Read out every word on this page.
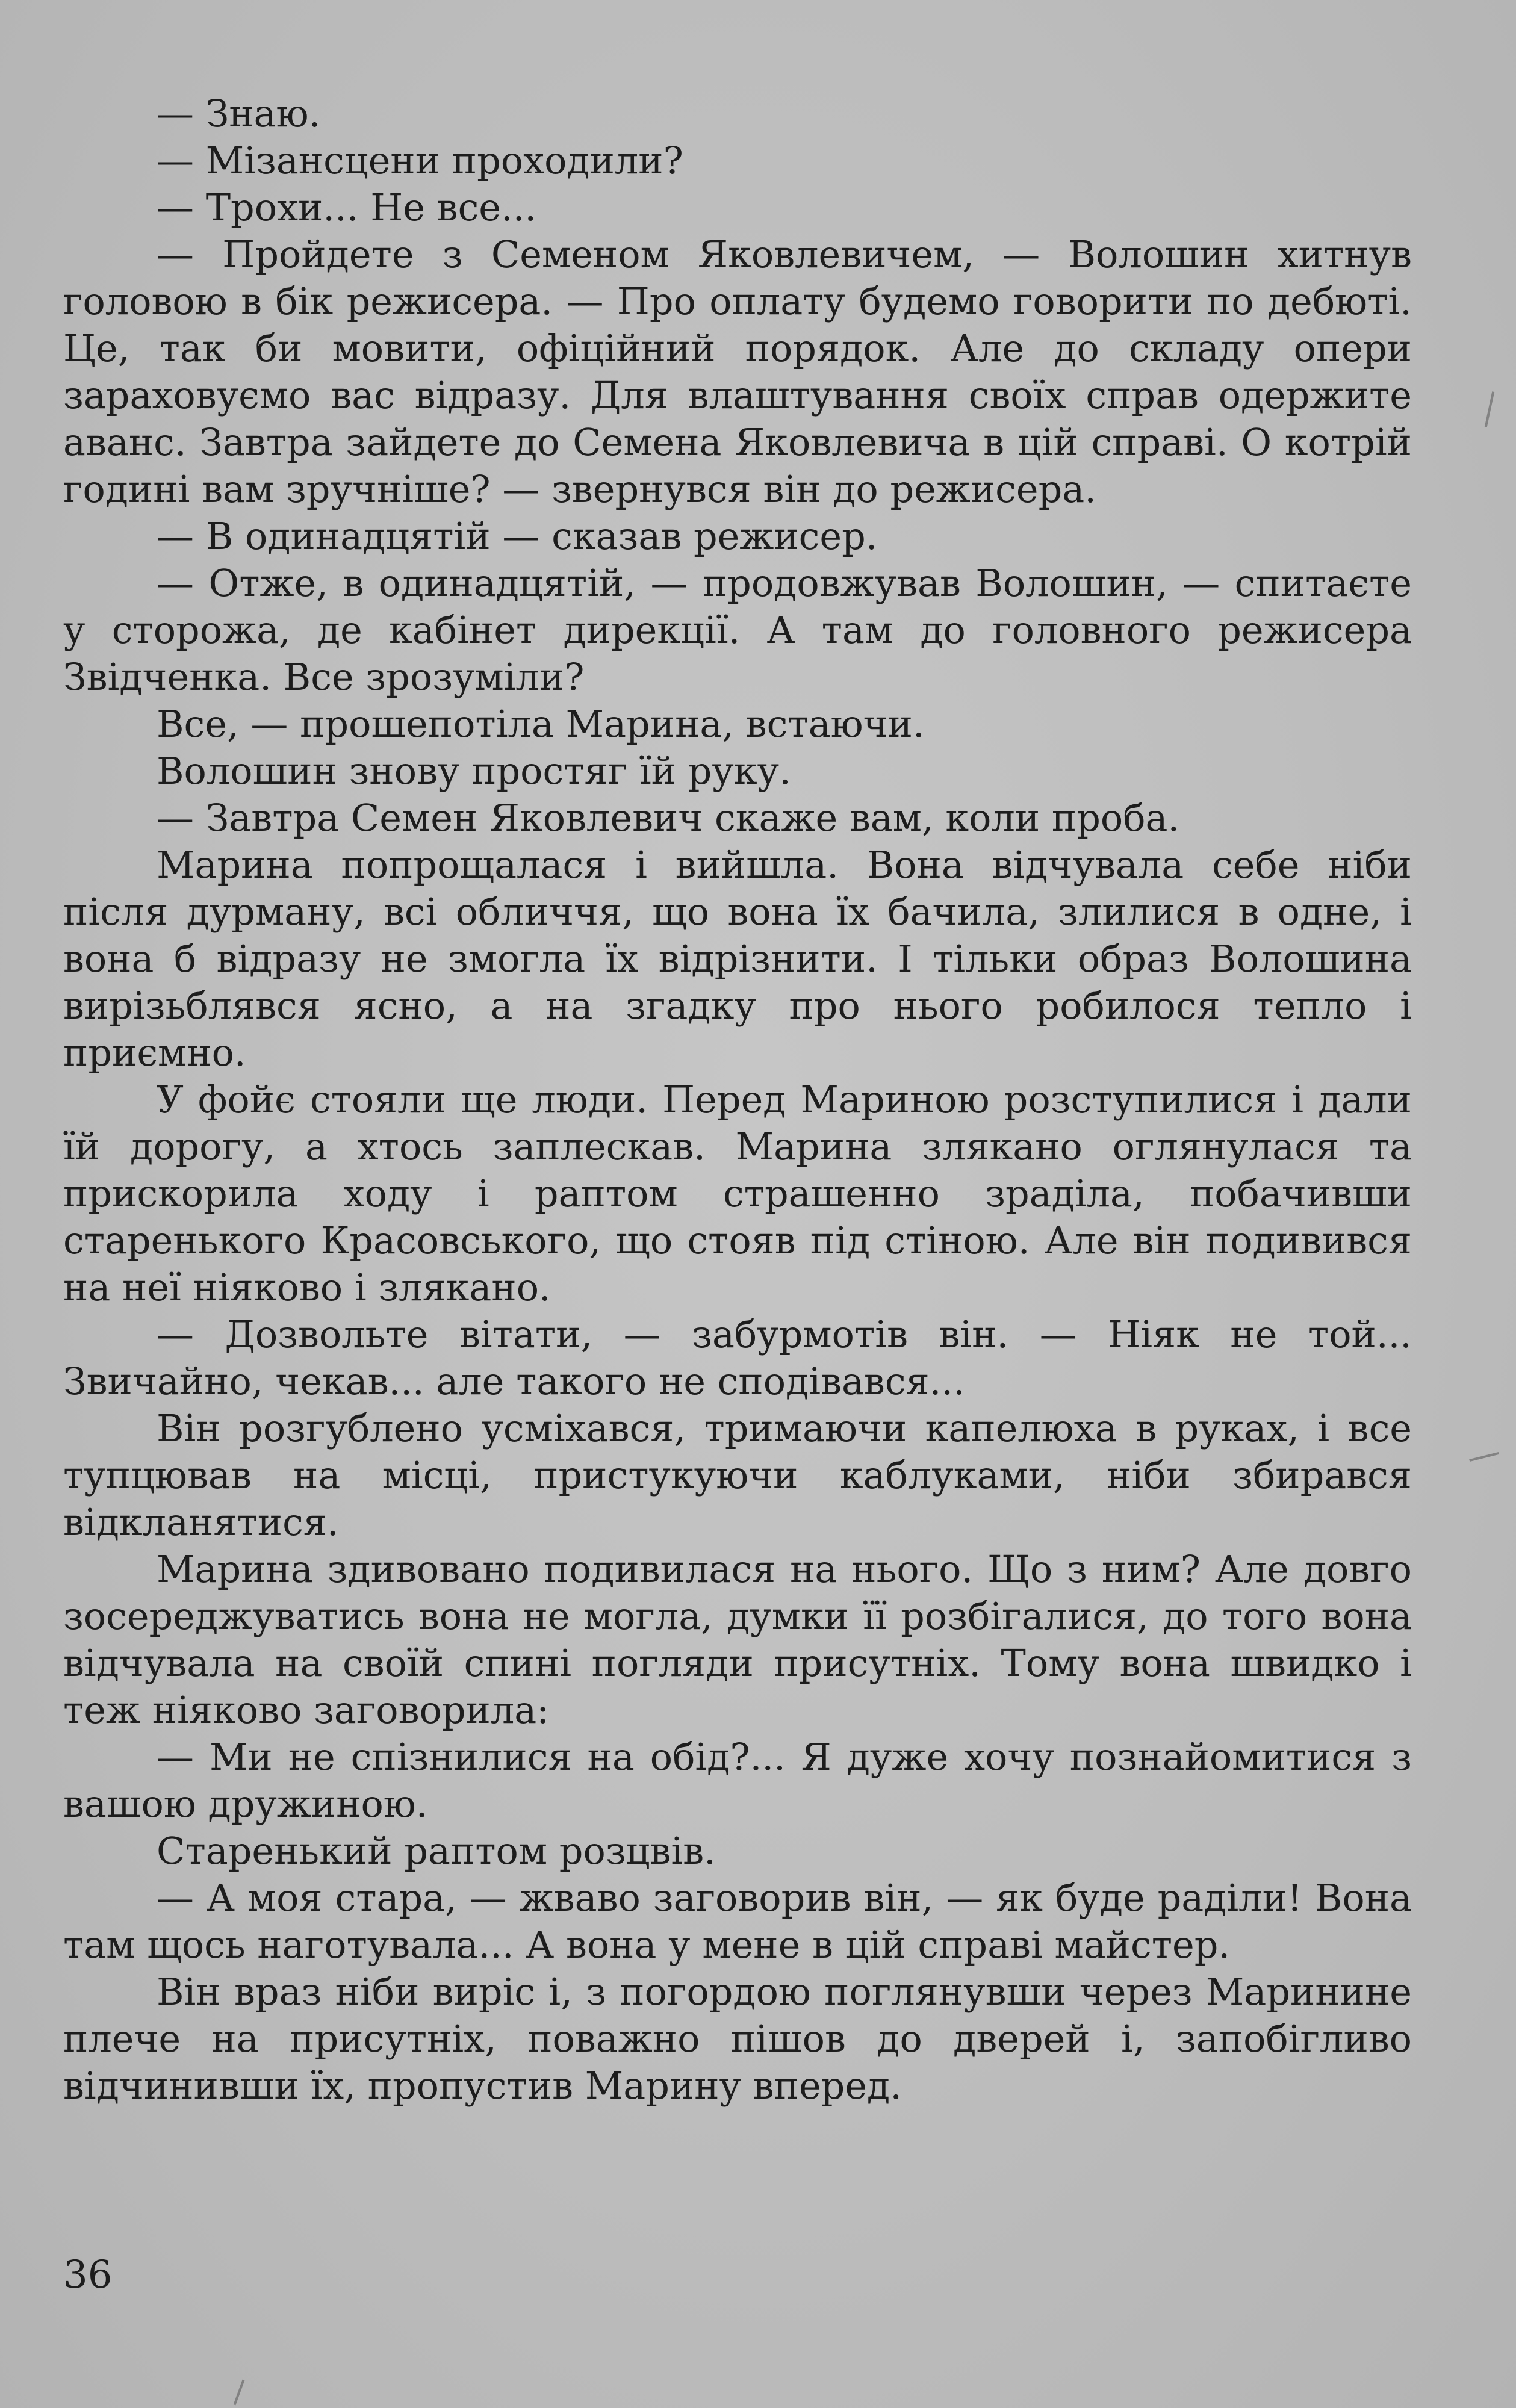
— Знаю.

— Мізансцени проходили?

— Трохи... Не все...

— Пройдете з Семеном Яковлевичем, — Волошин хитнув головою в бік режисера. — Про оплату будемо говорити по дебюті. Це, так би мовити, офіційний порядок. Але до складу опери зараховуємо вас відразу. Для влаштування своїх справ одержите аванс. Завтра зайдете до Семена Яковлевича в цій справі. О котрій годині вам зручніше? — звернувся він до режисера.

— В одинадцятій — сказав режисер.

— Отже, в одинадцятій, — продовжував Волошин, — спитаєте у сторожа, де кабінет дирекції. А там до головного режисера Звідченка. Все зрозуміли?

Все, — прошепотіла Марина, встаючи.

Волошин знову простяг їй руку.

— Завтра Семен Яковлевич скаже вам, коли проба.

Марина попрощалася і вийшла. Вона відчувала себе ніби після дурману, всі обличчя, що вона їх бачила, злилися в одне, і вона б відразу не змогла їх відрізнити. І тільки образ Волошина вирізьблявся ясно, а на згадку про нього робилося тепло і приємно.

У фойє стояли ще люди. Перед Мариною розступилися і дали їй дорогу, а хтось заплескав. Марина злякано оглянулася та прискорила ходу і раптом страшенно зраділа, побачивши старенького Красовського, що стояв під стіною. Але він подивився на неї ніяково і злякано.

— Дозвольте вітати, — забурмотів він. — Ніяк не той... Звичайно, чекав... але такого не сподівався...

Він розгублено усміхався, тримаючи капелюха в руках, і все тупцював на місці, пристукуючи каблуками, ніби збирався відкланятися.

Марина здивовано подивилася на нього. Що з ним? Але довго зосереджуватись вона не могла, думки її розбігалися, до того вона відчувала на своїй спині погляди присутніх. Тому вона швидко і теж ніяково заговорила:

— Ми не спізнилися на обід?... Я дуже хочу познайомитися з вашою дружиною.

Старенький раптом розцвів.

— А моя стара, — жваво заговорив він, — як буде раділи! Вона там щось наготувала... А вона у мене в цій справі майстер.

Він враз ніби виріс і, з погордою поглянувши через Маринине плече на присутніх, поважно пішов до дверей і, запобігливо відчинивши їх, пропустив Марину вперед.

36
